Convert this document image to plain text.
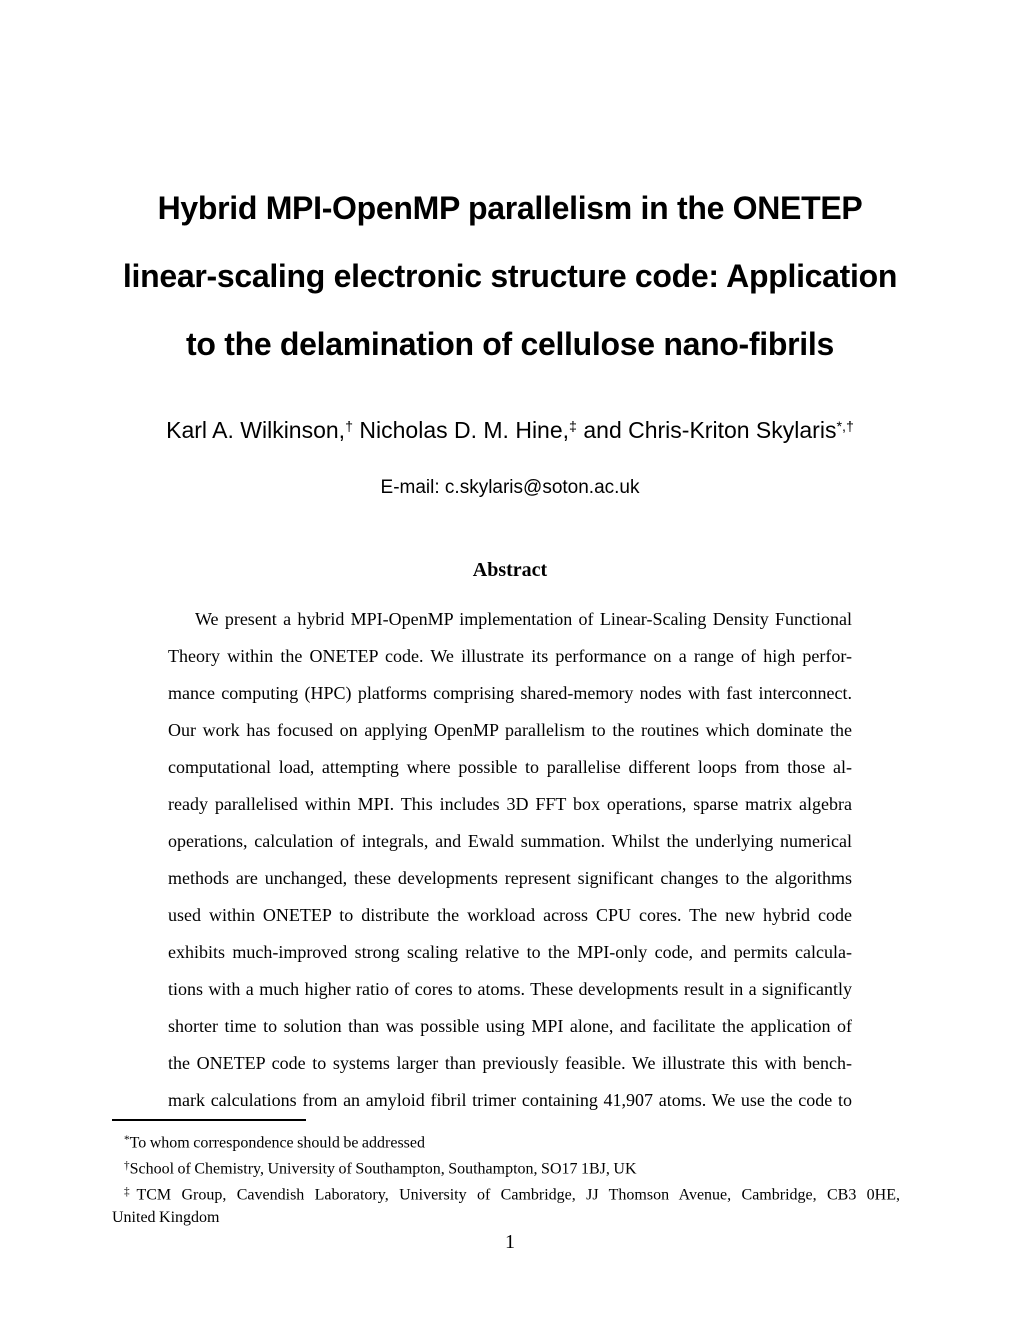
Hybrid MPI-OpenMP parallelism in the ONETEP
linear-scaling electronic structure code: Application
to the delamination of cellulose nano-fibrils
Karl A. Wilkinson,† Nicholas D. M. Hine,‡ and Chris-Kriton Skylaris*,†
E-mail: c.skylaris@soton.ac.uk
Abstract
We present a hybrid MPI-OpenMP implementation of Linear-Scaling Density Functional
Theory within the ONETEP code. We illustrate its performance on a range of high perfor-
mance computing (HPC) platforms comprising shared-memory nodes with fast interconnect.
Our work has focused on applying OpenMP parallelism to the routines which dominate the
computational load, attempting where possible to parallelise different loops from those al-
ready parallelised within MPI. This includes 3D FFT box operations, sparse matrix algebra
operations, calculation of integrals, and Ewald summation. Whilst the underlying numerical
methods are unchanged, these developments represent significant changes to the algorithms
used within ONETEP to distribute the workload across CPU cores. The new hybrid code
exhibits much-improved strong scaling relative to the MPI-only code, and permits calcula-
tions with a much higher ratio of cores to atoms. These developments result in a significantly
shorter time to solution than was possible using MPI alone, and facilitate the application of
the ONETEP code to systems larger than previously feasible. We illustrate this with bench-
mark calculations from an amyloid fibril trimer containing 41,907 atoms. We use the code to
*To whom correspondence should be addressed
†School of Chemistry, University of Southampton, Southampton, SO17 1BJ, UK
‡TCM Group, Cavendish Laboratory, University of Cambridge, JJ Thomson Avenue, Cambridge, CB3 0HE,
United Kingdom
1
